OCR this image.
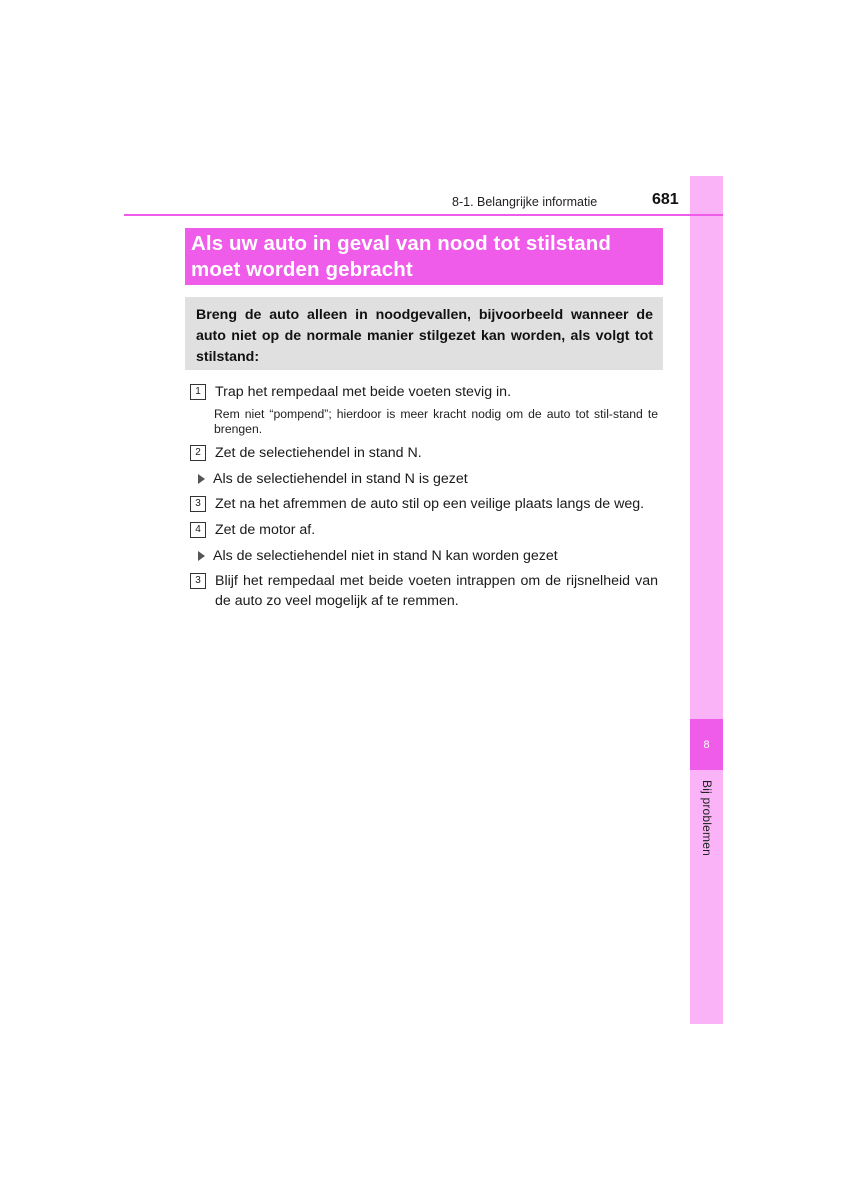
8
Bij problemen
8-1. Belangrijke informatie	681
Als uw auto in geval van nood tot stilstand
moet worden gebracht
Breng de auto alleen in noodgevallen, bijvoorbeeld wanneer de auto niet op de normale manier stilgezet kan worden, als volgt tot stilstand:
1	Trap het rempedaal met beide voeten stevig in.
Rem niet “pompend”; hierdoor is meer kracht nodig om de auto tot stil-stand te brengen.
2	Zet de selectiehendel in stand N.
Als de selectiehendel in stand N is gezet
3	Zet na het afremmen de auto stil op een veilige plaats langs de weg.
4	Zet de motor af.
Als de selectiehendel niet in stand N kan worden gezet
3	Blijf het rempedaal met beide voeten intrappen om de rijsnelheid van de auto zo veel mogelijk af te remmen.
